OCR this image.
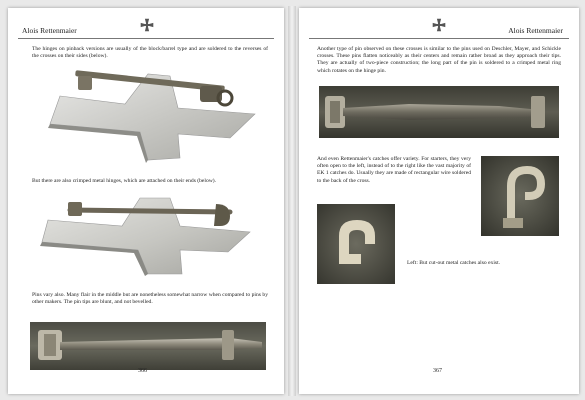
Alois Rettenmaier
The hinges on pinback versions are usually of the block/barrel type and are soldered to the reverses of the crosses on their sides (below).
But there are also crimped metal hinges, which are attached on their ends (below).
Pins vary also. Many flair in the middle but are nonetheless somewhat narrow when compared to pins by other makers. The pin tips are blunt, and not bevelled.
366
Alois Rettenmaier
Another type of pin observed on these crosses is similar to the pins used on Deschler, Mayer, and Schickle crosses. These pins flatten noticeably as their centers and remain rather broad as they approach their tips. They are actually of two-piece construction; the long part of the pin is soldered to a crimped metal ring which rotates on the hinge pin.
And even Rettenmaier's catches offer variety. For starters, they very often open to the left, instead of to the right like the vast majority of EK 1 catches do. Usually they are made of rectangular wire soldered to the back of the cross.
Left: But cut-out metal catches also exist.
367
